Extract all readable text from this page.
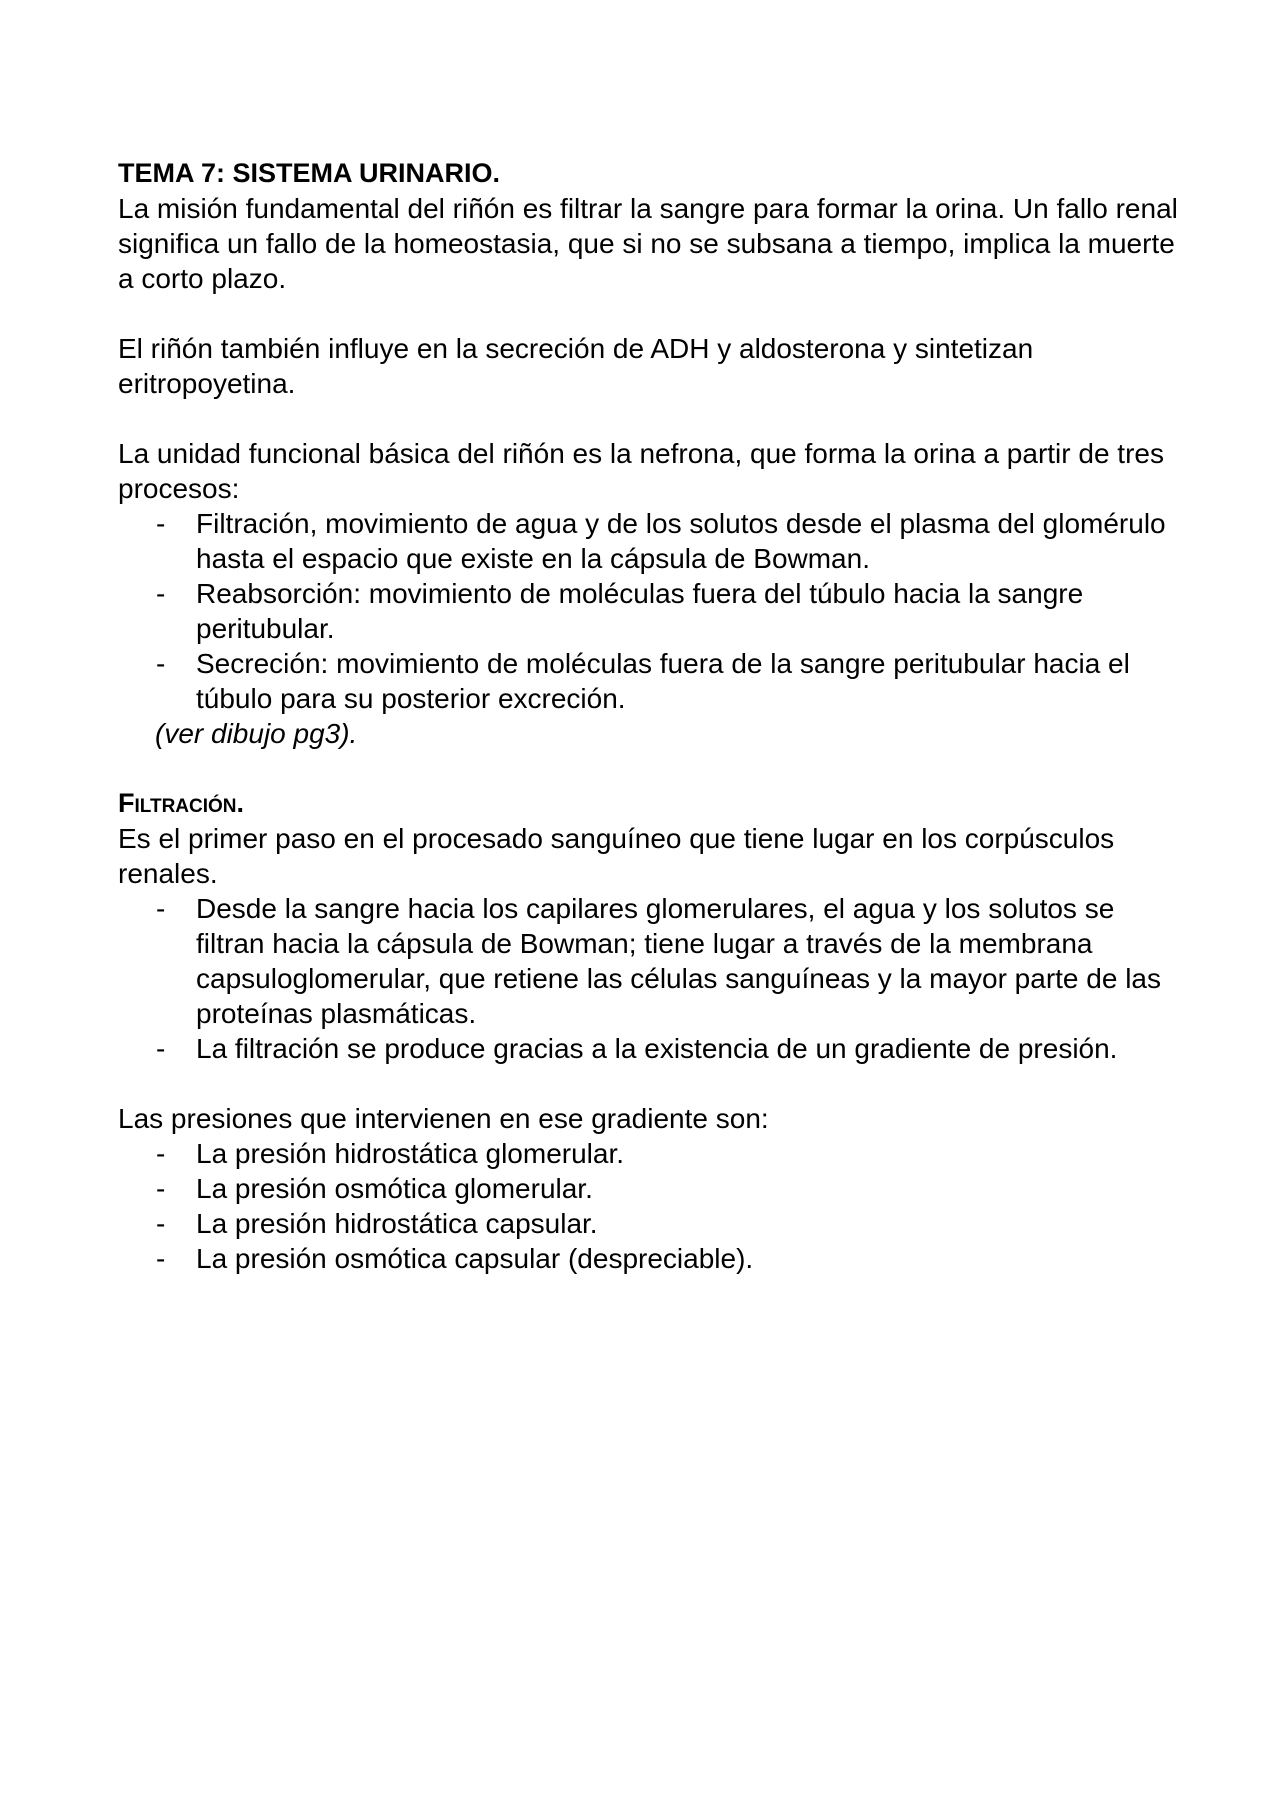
TEMA 7: SISTEMA URINARIO.

La misión fundamental del riñón es filtrar la sangre para formar la orina. Un fallo renal significa un fallo de la homeostasia, que si no se subsana a tiempo, implica la muerte a corto plazo.

El riñón también influye en la secreción de ADH y aldosterona y sintetizan eritropoyetina.

La unidad funcional básica del riñón es la nefrona, que forma la orina a partir de tres procesos:

- Filtración, movimiento de agua y de los solutos desde el plasma del glomérulo hasta el espacio que existe en la cápsula de Bowman.
- Reabsorción: movimiento de moléculas fuera del túbulo hacia la sangre peritubular.
- Secreción: movimiento de moléculas fuera de la sangre peritubular hacia el túbulo para su posterior excreción.

(ver dibujo pg3).

Filtración.

Es el primer paso en el procesado sanguíneo que tiene lugar en los corpúsculos renales.

- Desde la sangre hacia los capilares glomerulares, el agua y los solutos se filtran hacia la cápsula de Bowman; tiene lugar a través de la membrana capsuloglomerular, que retiene las células sanguíneas y la mayor parte de las proteínas plasmáticas.
- La filtración se produce gracias a la existencia de un gradiente de presión.

Las presiones que intervienen en ese gradiente son:

- La presión hidrostática glomerular.
- La presión osmótica glomerular.
- La presión hidrostática capsular.
- La presión osmótica capsular (despreciable).
